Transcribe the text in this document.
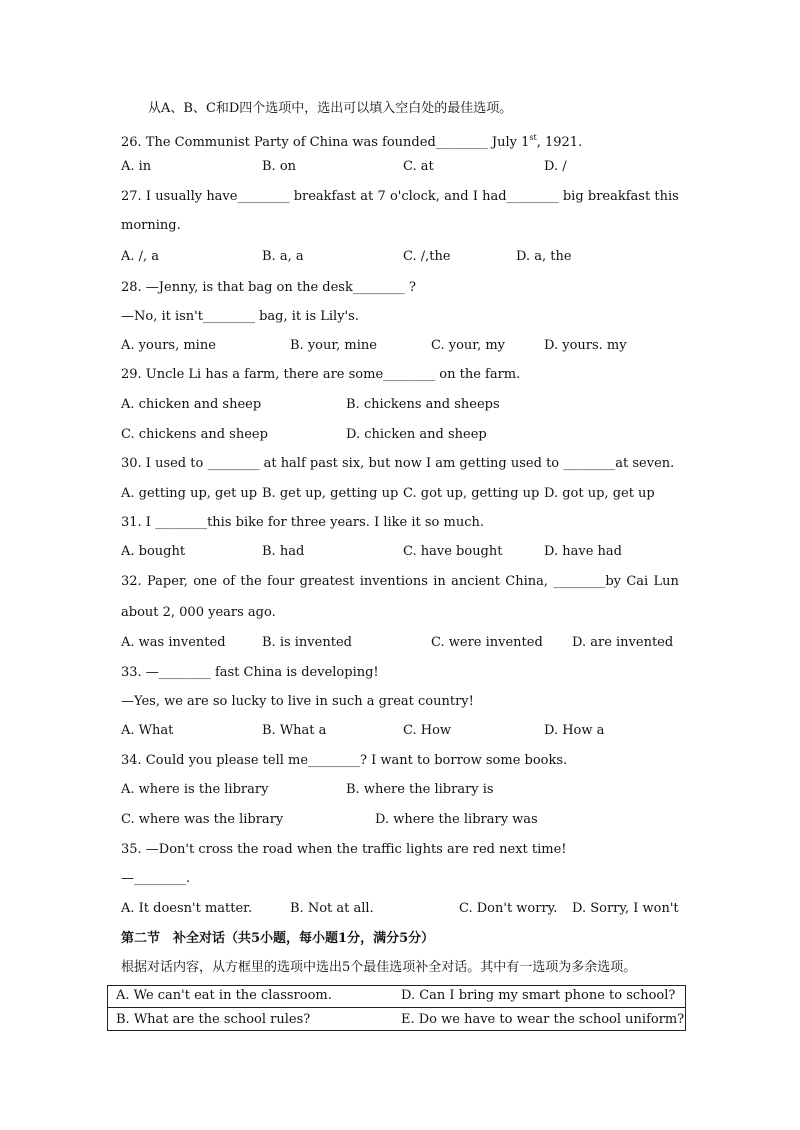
从A、B、C和D四个选项中，选出可以填入空白处的最佳选项。
26. The Communist Party of China was founded________ July 1st, 1921.
A. in	B. on	C. at	D. /
27. I usually have________ breakfast at 7 o'clock, and I had________ big breakfast this
morning.
A. /, a	B. a, a	C. /,the	D. a, the
28. —Jenny, is that bag on the desk________ ?
—No, it isn't________ bag, it is Lily's.
A. yours, mine	B. your, mine	C. your, my	D. yours. my
29. Uncle Li has a farm, there are some________ on the farm.
A. chicken and sheep	B. chickens and sheeps
C. chickens and sheep	D. chicken and sheep
30. I used to ________ at half past six, but now I am getting used to ________at seven.
A. getting up, get up B. get up, getting up C. got up, getting up D. got up, get up
31. I ________this bike for three years. I like it so much.
A. bought	B. had	C. have bought	D. have had
32. Paper, one of the four greatest inventions in ancient China, ________by Cai Lun
about 2, 000 years ago.
A. was invented	B. is invented	C. were invented D. are invented
33. —________ fast China is developing!
—Yes, we are so lucky to live in such a great country!
A. What	B. What a	C. How	D. How a
34. Could you please tell me________? I want to borrow some books.
A. where is the library	B. where the library is
C. where was the library	D. where the library was
35. —Don't cross the road when the traffic lights are red next time!
—________.
A. It doesn't matter.	B. Not at all.	C. Don't worry. D. Sorry, I won't
第二节　补全对话（共5小题，每小题1分，满分5分）
根据对话内容，从方框里的选项中选出5个最佳选项补全对话。其中有一选项为多余选项。
A. We can't eat in the classroom.	D. Can I bring my smart phone to school?
B. What are the school rules?	E. Do we have to wear the school uniform?
